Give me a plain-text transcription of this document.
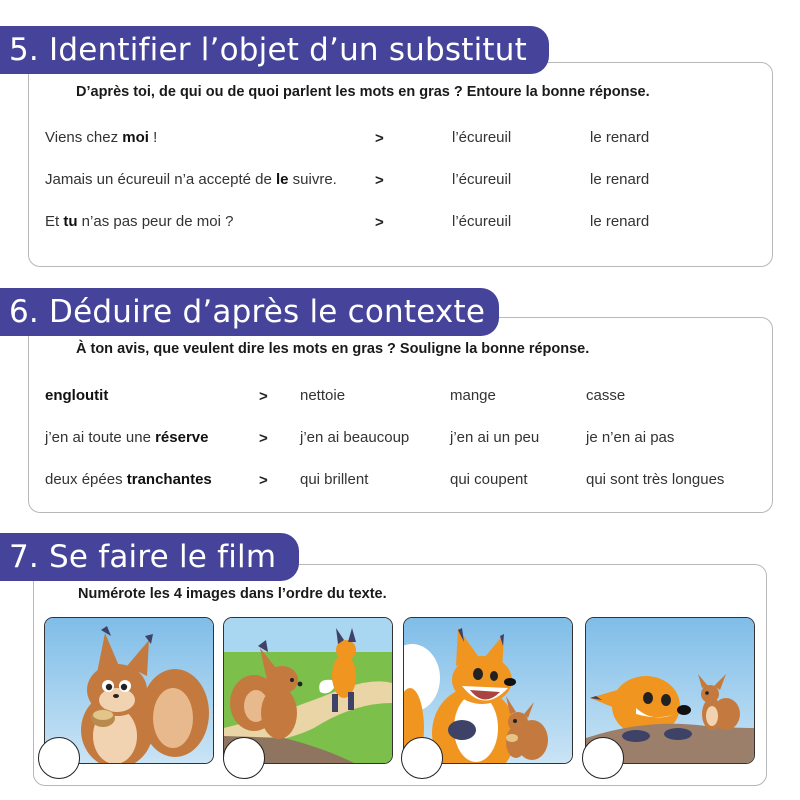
5. Identifier l’objet d’un substitut
D’après toi, de qui ou de quoi parlent les mots en gras ? Entoure la bonne réponse.
Viens chez moi !	>	l’écureuil	le renard
Jamais un écureuil n’a accepté de le suivre.	>	l’écureuil	le renard
Et tu n’as pas peur de moi ?	>	l’écureuil	le renard
6. Déduire d’après le contexte
À ton avis, que veulent dire les mots en gras ? Souligne la bonne réponse.
engloutit	> nettoie	mange	casse
j’en ai toute une réserve	> j’en ai beaucoup	j’en ai un peu	je n’en ai pas
deux épées tranchantes	> qui brillent	qui coupent	qui sont très longues
7. Se faire le film
Numérote les 4 images dans l’ordre du texte.
